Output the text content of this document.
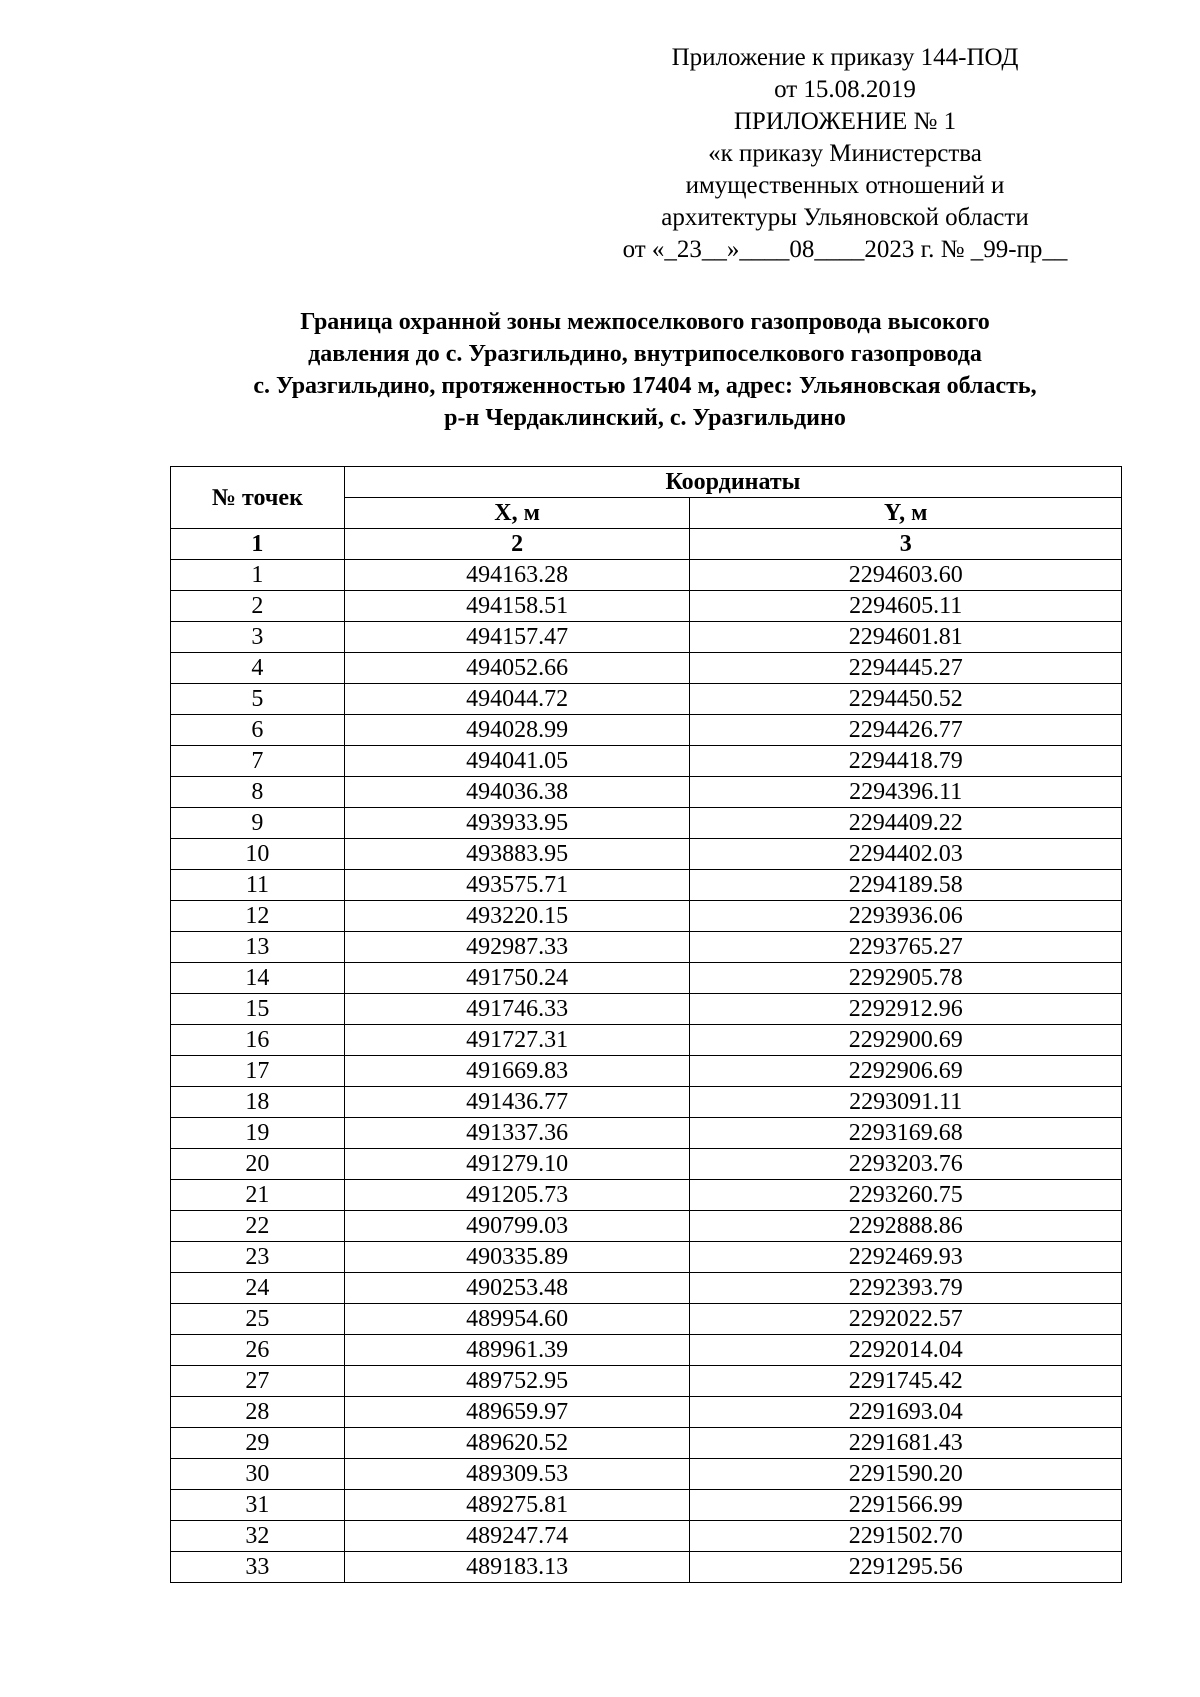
Приложение к приказу 144-ПОД
от 15.08.2019
ПРИЛОЖЕНИЕ № 1
«к приказу Министерства
имущественных отношений и
архитектуры Ульяновской области
от «_23__»____08____2023 г. № _99-пр__
Граница охранной зоны межпоселкового газопровода высокого
давления до с. Уразгильдино, внутрипоселкового газопровода
с. Уразгильдино, протяженностью 17404 м, адрес: Ульяновская область,
р-н Чердаклинский, с. Уразгильдино
№ точек	Координаты	
	X, м	Y, м
1	2	3
1	494163.28	2294603.60
2	494158.51	2294605.11
3	494157.47	2294601.81
4	494052.66	2294445.27
5	494044.72	2294450.52
6	494028.99	2294426.77
7	494041.05	2294418.79
8	494036.38	2294396.11
9	493933.95	2294409.22
10	493883.95	2294402.03
11	493575.71	2294189.58
12	493220.15	2293936.06
13	492987.33	2293765.27
14	491750.24	2292905.78
15	491746.33	2292912.96
16	491727.31	2292900.69
17	491669.83	2292906.69
18	491436.77	2293091.11
19	491337.36	2293169.68
20	491279.10	2293203.76
21	491205.73	2293260.75
22	490799.03	2292888.86
23	490335.89	2292469.93
24	490253.48	2292393.79
25	489954.60	2292022.57
26	489961.39	2292014.04
27	489752.95	2291745.42
28	489659.97	2291693.04
29	489620.52	2291681.43
30	489309.53	2291590.20
31	489275.81	2291566.99
32	489247.74	2291502.70
33	489183.13	2291295.56
